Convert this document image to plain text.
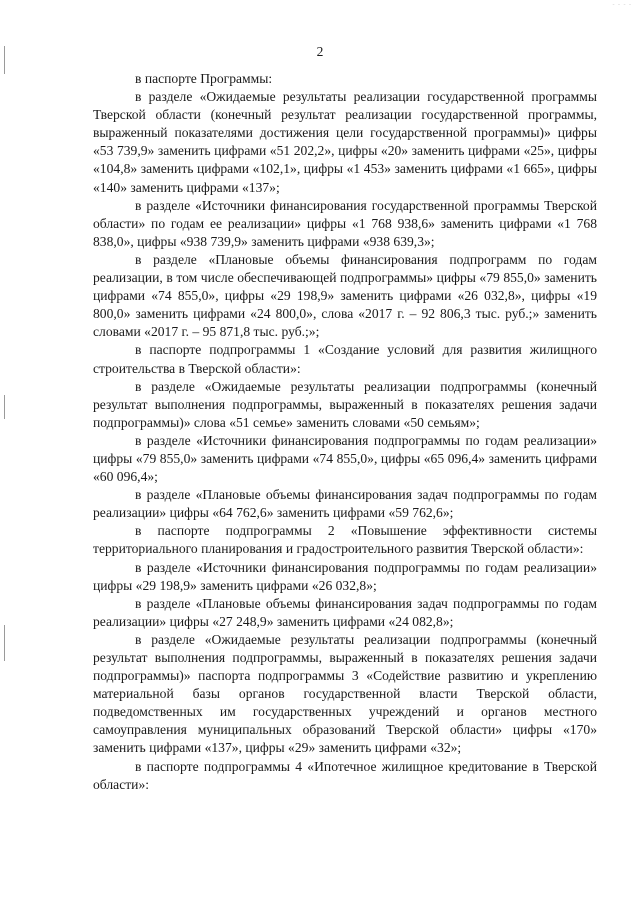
- - - -
2

в паспорте Программы:

в разделе «Ожидаемые результаты реализации государственной программы Тверской области (конечный результат реализации государственной программы, выраженный показателями достижения цели государственной программы)» цифры «53 739,9» заменить цифрами «51 202,2», цифры «20» заменить цифрами «25», цифры «104,8» заменить цифрами «102,1», цифры «1 453» заменить цифрами «1 665», цифры «140» заменить цифрами «137»;

в разделе «Источники финансирования государственной программы Тверской области» по годам ее реализации» цифры «1 768 938,6» заменить цифрами «1 768 838,0», цифры «938 739,9» заменить цифрами «938 639,3»;

в разделе «Плановые объемы финансирования подпрограмм по годам реализации, в том числе обеспечивающей подпрограммы» цифры «79 855,0» заменить цифрами «74 855,0», цифры «29 198,9» заменить цифрами «26 032,8», цифры «19 800,0» заменить цифрами «24 800,0», слова «2017 г. – 92 806,3 тыс. руб.;» заменить словами «2017 г. – 95 871,8 тыс. руб.;»;

в паспорте подпрограммы 1 «Создание условий для развития жилищного строительства в Тверской области»:

в разделе «Ожидаемые результаты реализации подпрограммы (конечный результат выполнения подпрограммы, выраженный в показателях решения задачи подпрограммы)» слова «51 семье» заменить словами «50 семьям»;

в разделе «Источники финансирования подпрограммы по годам реализации» цифры «79 855,0» заменить цифрами «74 855,0», цифры «65 096,4» заменить цифрами «60 096,4»;

в разделе «Плановые объемы финансирования задач подпрограммы по годам реализации» цифры «64 762,6» заменить цифрами «59 762,6»;

в паспорте подпрограммы 2 «Повышение эффективности системы территориального планирования и градостроительного развития Тверской области»:

в разделе «Источники финансирования подпрограммы по годам реализации» цифры «29 198,9» заменить цифрами «26 032,8»;

в разделе «Плановые объемы финансирования задач подпрограммы по годам реализации» цифры «27 248,9» заменить цифрами «24 082,8»;

в разделе «Ожидаемые результаты реализации подпрограммы (конечный результат выполнения подпрограммы, выраженный в показателях решения задачи подпрограммы)» паспорта подпрограммы 3 «Содействие развитию и укреплению материальной базы органов государственной власти Тверской области, подведомственных им государственных учреждений и органов местного самоуправления муниципальных образований Тверской области» цифры «170» заменить цифрами «137», цифры «29» заменить цифрами «32»;

в паспорте подпрограммы 4 «Ипотечное жилищное кредитование в Тверской области»:
